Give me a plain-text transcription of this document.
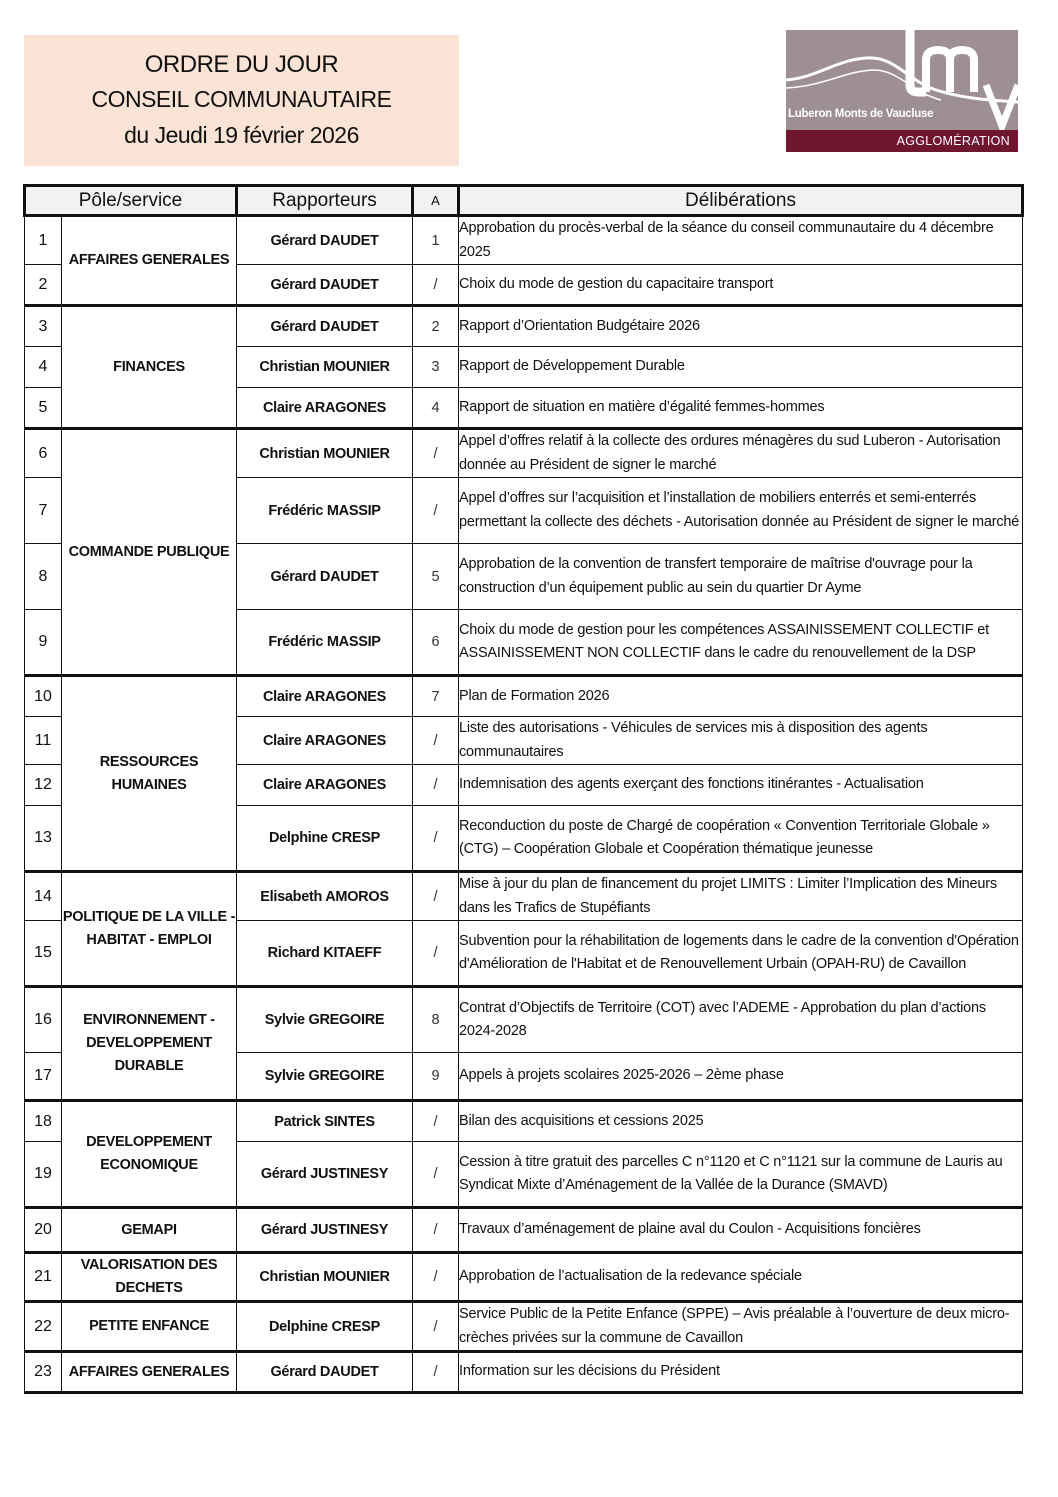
ORDRE DU JOUR
CONSEIL COMMUNAUTAIRE
du Jeudi 19 février 2026
Luberon Monts de Vaucluse
AGGLOMÉRATION
Pôle/service		Rapporteurs	A	Délibérations
1	AFFAIRES GENERALES	Gérard DAUDET	1	Approbation du procès-verbal de la séance du conseil communautaire du 4 décembre 2025
2		Gérard DAUDET	/	Choix du mode de gestion du capacitaire transport
3	FINANCES	Gérard DAUDET	2	Rapport d’Orientation Budgétaire 2026
4		Christian MOUNIER	3	Rapport de Développement Durable
5		Claire ARAGONES	4	Rapport de situation en matière d’égalité femmes-hommes
6	COMMANDE PUBLIQUE	Christian MOUNIER	/	Appel d’offres relatif à la collecte des ordures ménagères du sud Luberon - Autorisation donnée au Président de signer le marché
7		Frédéric MASSIP	/	Appel d’offres sur l’acquisition et l’installation de mobiliers enterrés et semi-enterrés permettant la collecte des déchets - Autorisation donnée au Président de signer le marché
8		Gérard DAUDET	5	Approbation de la convention de transfert temporaire de maîtrise d'ouvrage pour la construction d’un équipement public au sein du quartier Dr Ayme
9		Frédéric MASSIP	6	Choix du mode de gestion pour les compétences ASSAINISSEMENT COLLECTIF et ASSAINISSEMENT NON COLLECTIF dans le cadre du renouvellement de la DSP
10	RESSOURCES HUMAINES	Claire ARAGONES	7	Plan de Formation 2026
11		Claire ARAGONES	/	Liste des autorisations - Véhicules de services mis à disposition des agents communautaires
12		Claire ARAGONES	/	Indemnisation des agents exerçant des fonctions itinérantes - Actualisation
13		Delphine CRESP	/	Reconduction du poste de Chargé de coopération « Convention Territoriale Globale » (CTG) – Coopération Globale et Coopération thématique jeunesse
14	POLITIQUE DE LA VILLE - HABITAT - EMPLOI	Elisabeth AMOROS	/	Mise à jour du plan de financement du projet LIMITS : Limiter l’Implication des Mineurs dans les Trafics de Stupéfiants
15		Richard KITAEFF	/	Subvention pour la réhabilitation de logements dans le cadre de la convention d'Opération d'Amélioration de l'Habitat et de Renouvellement Urbain (OPAH-RU) de Cavaillon
16	ENVIRONNEMENT - DEVELOPPEMENT DURABLE	Sylvie GREGOIRE	8	Contrat d’Objectifs de Territoire (COT) avec l’ADEME - Approbation du plan d’actions 2024-2028
17		Sylvie GREGOIRE	9	Appels à projets scolaires 2025-2026 – 2ème phase
18	DEVELOPPEMENT ECONOMIQUE	Patrick SINTES	/	Bilan des acquisitions et cessions 2025
19		Gérard JUSTINESY	/	Cession à titre gratuit des parcelles C n°1120 et C n°1121 sur la commune de Lauris au Syndicat Mixte d’Aménagement de la Vallée de la Durance (SMAVD)
20	GEMAPI	Gérard JUSTINESY	/	Travaux d’aménagement de plaine aval du Coulon - Acquisitions foncières
21	VALORISATION DES DECHETS	Christian MOUNIER	/	Approbation de l’actualisation de la redevance spéciale
22	PETITE ENFANCE	Delphine CRESP	/	Service Public de la Petite Enfance (SPPE) – Avis préalable à l’ouverture de deux micro-crèches privées sur la commune de Cavaillon
23	AFFAIRES GENERALES	Gérard DAUDET	/	Information sur les décisions du Président
